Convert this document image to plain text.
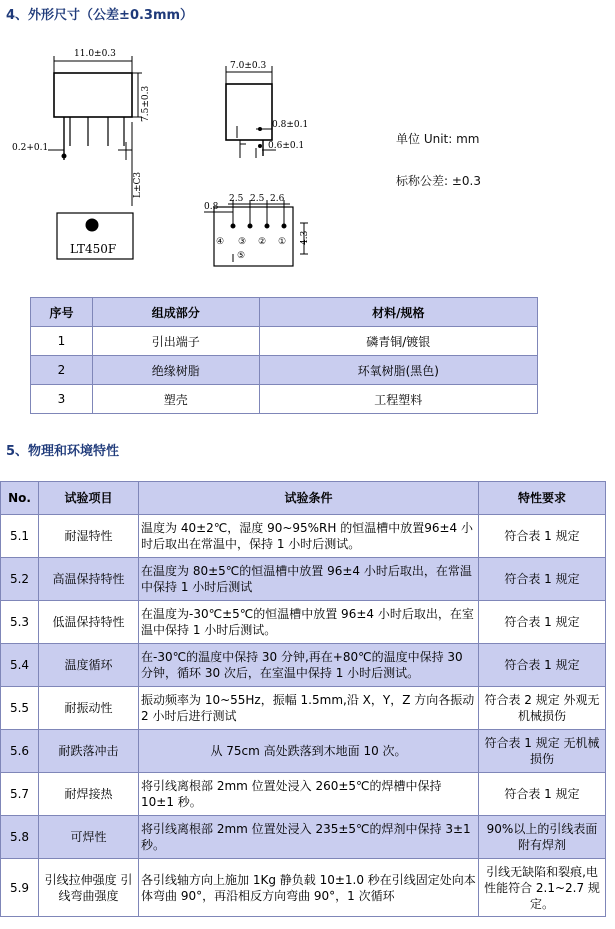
4、外形尺寸（公差±0.3mm）
11.0±0.3
7.5±0.3
0.2+0.1
L±C3
7.0±0.3
0.8±0.1
0.6±0.1
2.5 2.5 2.6
0.8
4.3
④ ③ ② ①
⑤
LT450F
单位 Unit: mm
标称公差: ±0.3
序号	组成部分	材料/规格
1	引出端子	磷青铜/镀银
2	绝缘树脂	环氧树脂(黑色)
3	塑壳	工程塑料
5、物理和环境特性
No.	试验项目	试验条件	特性要求
5.1	耐湿特性	温度为 40±2℃，湿度 90~95%RH 的恒温槽中放置96±4 小时后取出在常温中，保持 1 小时后测试。	符合表 1 规定
5.2	高温保持特性	在温度为 80±5℃的恒温槽中放置 96±4 小时后取出，在常温中保持 1 小时后测试	符合表 1 规定
5.3	低温保持特性	在温度为-30℃±5℃的恒温槽中放置 96±4 小时后取出，在室温中保持 1 小时后测试。	符合表 1 规定
5.4	温度循环	在-30℃的温度中保持 30 分钟,再在+80℃的温度中保持 30 分钟，循环 30 次后，在室温中保持 1 小时后测试。	符合表 1 规定
5.5	耐振动性	振动频率为 10~55Hz，振幅 1.5mm,沿 X，Y，Z 方向各振动 2 小时后进行测试	符合表 2 规定 外观无机械损伤
5.6	耐跌落冲击	从 75cm 高处跌落到木地面 10 次。	符合表 1 规定 无机械损伤
5.7	耐焊接热	将引线离根部 2mm 位置处浸入 260±5℃的焊槽中保持 10±1 秒。	符合表 1 规定
5.8	可焊性	将引线离根部 2mm 位置处浸入 235±5℃的焊剂中保持 3±1 秒。	90%以上的引线表面附有焊剂
5.9	引线拉伸强度 引线弯曲强度	各引线轴方向上施加 1Kg 静负载 10±1.0 秒在引线固定处向本体弯曲 90°，再沿相反方向弯曲 90°，1 次循环	引线无缺陷和裂痕,电性能符合 2.1~2.7 规定。
